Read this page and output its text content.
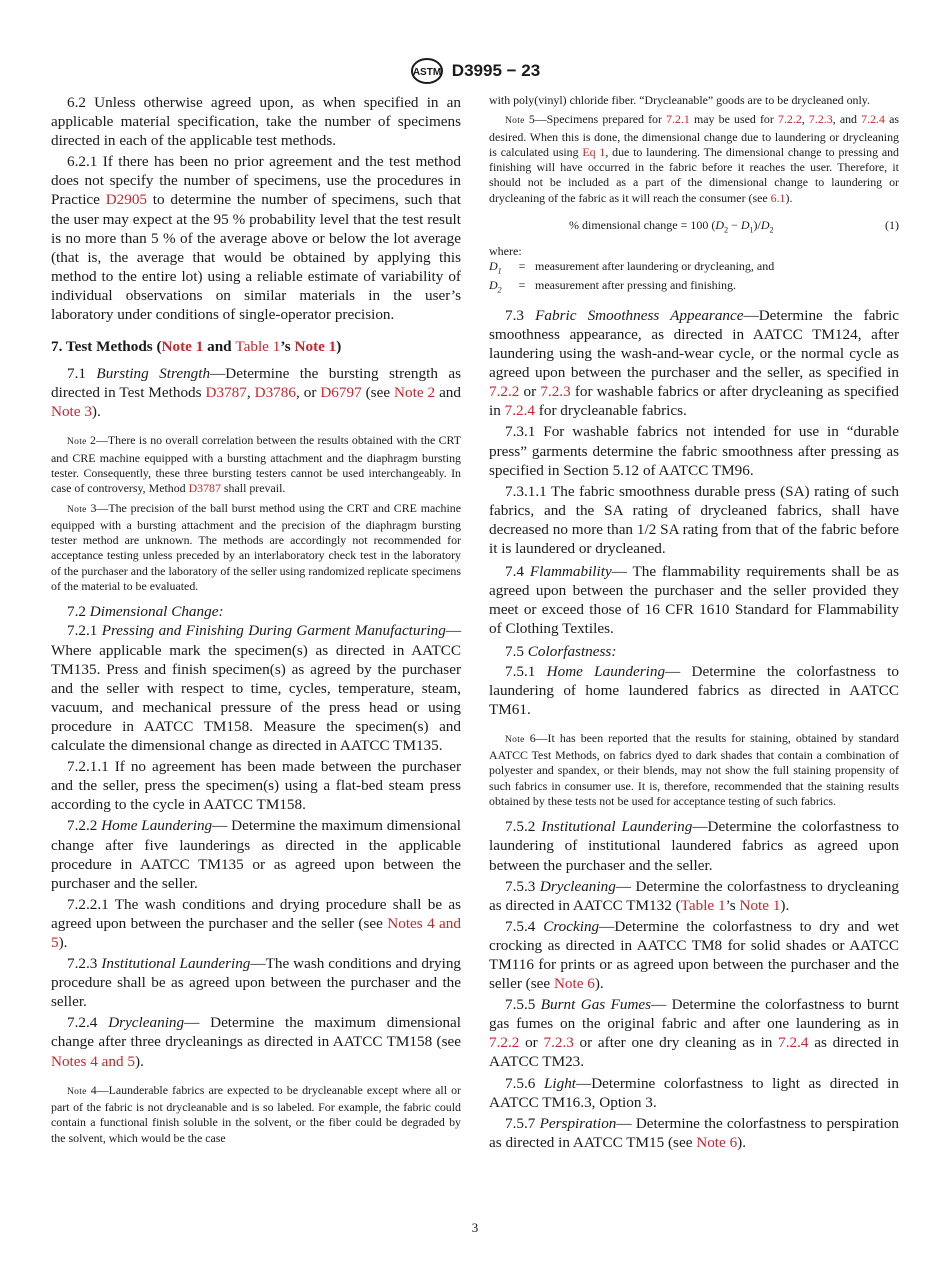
ASTM D3995 − 23

6.2 Unless otherwise agreed upon, as when specified in an applicable material specification, take the number of specimens directed in each of the applicable test methods.

6.2.1 If there has been no prior agreement and the test method does not specify the number of specimens, use the procedures in Practice D2905 to determine the number of specimens, such that the user may expect at the 95 % probability level that the test result is no more than 5 % of the average above or below the lot average (that is, the average that would be obtained by applying this method to the entire lot) using a reliable estimate of variability of individual observations on similar materials in the user’s laboratory under conditions of single-operator precision.

7. Test Methods (Note 1 and Table 1’s Note 1)

7.1 Bursting Strength—Determine the bursting strength as directed in Test Methods D3787, D3786, or D6797 (see Note 2 and Note 3).

Note 2—There is no overall correlation between the results obtained with the CRT and CRE machine equipped with a bursting attachment and the diaphragm bursting tester. Consequently, these three bursting testers cannot be used interchangeably. In case of controversy, Method D3787 shall prevail.

Note 3—The precision of the ball burst method using the CRT and CRE machine equipped with a bursting attachment and the precision of the diaphragm bursting tester method are unknown. The methods are accordingly not recommended for acceptance testing unless preceded by an interlaboratory check test in the laboratory of the purchaser and the laboratory of the seller using randomized replicate specimens of the material to be evaluated.

7.2 Dimensional Change:

7.2.1 Pressing and Finishing During Garment Manufacturing—Where applicable mark the specimen(s) as directed in AATCC TM135. Press and finish specimen(s) as agreed by the purchaser and the seller with respect to time, cycles, temperature, steam, vacuum, and mechanical pressure of the press head or using procedure in AATCC TM158. Measure the specimen(s) and calculate the dimensional change as directed in AATCC TM135.

7.2.1.1 If no agreement has been made between the purchaser and the seller, press the specimen(s) using a flat-bed steam press according to the cycle in AATCC TM158.

7.2.2 Home Laundering— Determine the maximum dimensional change after five launderings as directed in the applicable procedure in AATCC TM135 or as agreed upon between the purchaser and the seller.

7.2.2.1 The wash conditions and drying procedure shall be as agreed upon between the purchaser and the seller (see Notes 4 and 5).

7.2.3 Institutional Laundering—The wash conditions and drying procedure shall be as agreed upon between the purchaser and the seller.

7.2.4 Drycleaning— Determine the maximum dimensional change after three drycleanings as directed in AATCC TM158 (see Notes 4 and 5).

Note 4—Launderable fabrics are expected to be drycleanable except where all or part of the fabric is not drycleanable and is so labeled. For example, the fabric could contain a functional finish soluble in the solvent, or the fiber could be degraded by the solvent, which would be the case

with poly(vinyl) chloride fiber. “Drycleanable” goods are to be drycleaned only.

Note 5—Specimens prepared for 7.2.1 may be used for 7.2.2, 7.2.3, and 7.2.4 as desired. When this is done, the dimensional change due to laundering or drycleaning is calculated using Eq 1, due to laundering. The dimensional change to pressing and finishing will have occurred in the fabric before it reaches the user. Therefore, it should not be included as a part of the dimensional change to laundering or drycleaning of the fabric as it will reach the consumer (see 6.1).

% dimensional change = 100 $(D_2 - D_1)/D_2$	(1)

where:

$D_1$	= measurement after laundering or drycleaning, and
$D_2$	= measurement after pressing and finishing.

7.3 Fabric Smoothness Appearance—Determine the fabric smoothness appearance, as directed in AATCC TM124, after laundering using the wash-and-wear cycle, or the normal cycle as agreed upon between the purchaser and the seller, as specified in 7.2.2 or 7.2.3 for washable fabrics or after drycleaning as specified in 7.2.4 for drycleanable fabrics.

7.3.1 For washable fabrics not intended for use in “durable press” garments determine the fabric smoothness after pressing as specified in Section 5.12 of AATCC TM96.

7.3.1.1 The fabric smoothness durable press (SA) rating of such fabrics, and the SA rating of drycleaned fabrics, shall have decreased no more than 1/2 SA rating from that of the fabric before it is laundered or drycleaned.

7.4 Flammability— The flammability requirements shall be as agreed upon between the purchaser and the seller provided they meet or exceed those of 16 CFR 1610 Standard for Flammability of Clothing Textiles.

7.5 Colorfastness:

7.5.1 Home Laundering— Determine the colorfastness to laundering of home laundered fabrics as directed in AATCC TM61.

Note 6—It has been reported that the results for staining, obtained by standard AATCC Test Methods, on fabrics dyed to dark shades that contain a combination of polyester and spandex, or their blends, may not show the full staining propensity of such fabrics in consumer use. It is, therefore, recommended that the staining results obtained by these tests not be used for acceptance testing of such fabrics.

7.5.2 Institutional Laundering—Determine the colorfastness to laundering of institutional laundered fabrics as agreed upon between the purchaser and the seller.

7.5.3 Drycleaning— Determine the colorfastness to drycleaning as directed in AATCC TM132 (Table 1’s Note 1).

7.5.4 Crocking—Determine the colorfastness to dry and wet crocking as directed in AATCC TM8 for solid shades or AATCC TM116 for prints or as agreed upon between the purchaser and the seller (see Note 6).

7.5.5 Burnt Gas Fumes— Determine the colorfastness to burnt gas fumes on the original fabric and after one laundering as in 7.2.2 or 7.2.3 or after one dry cleaning as in 7.2.4 as directed in AATCC TM23.

7.5.6 Light—Determine colorfastness to light as directed in AATCC TM16.3, Option 3.

7.5.7 Perspiration— Determine the colorfastness to perspiration as directed in AATCC TM15 (see Note 6).

3
